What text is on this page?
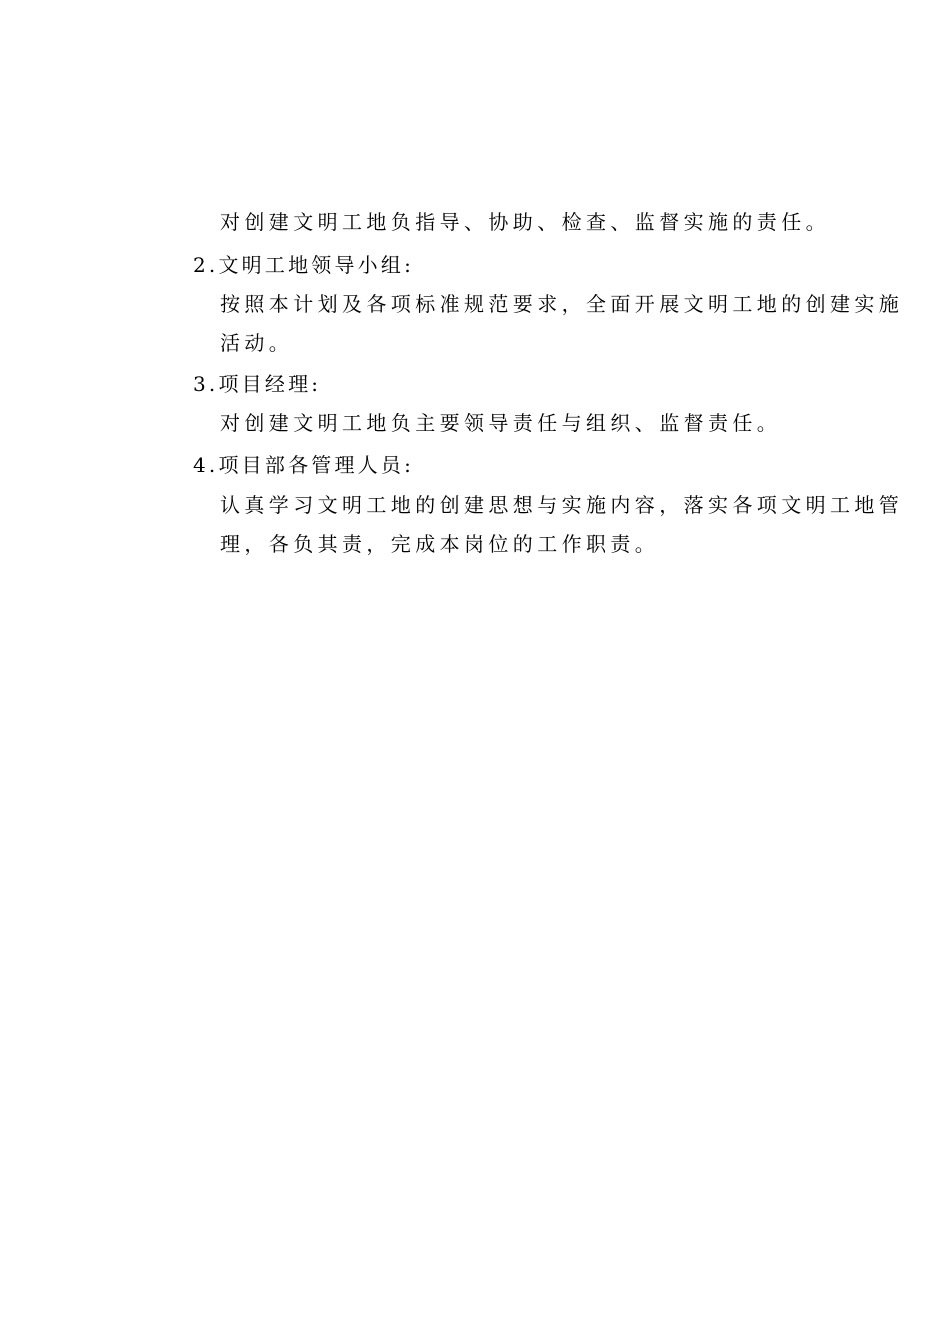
对创建文明工地负指导、协助、检查、监督实施的责任。
2.文明工地领导小组:
按照本计划及各项标准规范要求，全面开展文明工地的创建实施
活动。
3.项目经理:
对创建文明工地负主要领导责任与组织、监督责任。
4.项目部各管理人员:
认真学习文明工地的创建思想与实施内容，落实各项文明工地管
理，各负其责，完成本岗位的工作职责。
